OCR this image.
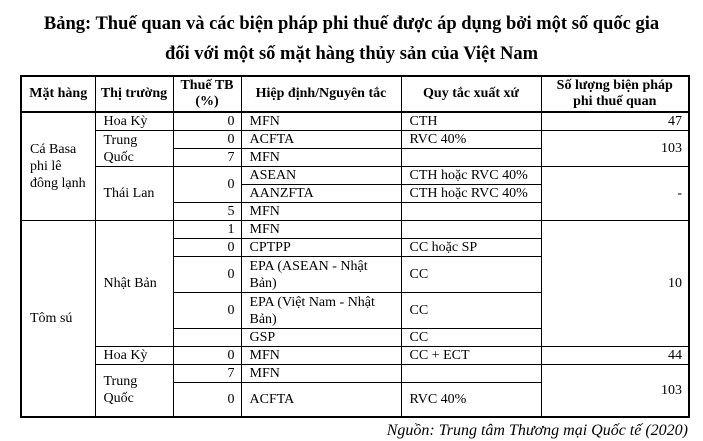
Bảng: Thuế quan và các biện pháp phi thuế được áp dụng bởi một số quốc gia
đối với một số mặt hàng thủy sản của Việt Nam
Mặt hàng	Thị trường	Thuế TB (%)	Hiệp định/Nguyên tắc	Quy tắc xuất xứ	Số lượng biện pháp phi thuế quan
Cá Basa phi lê đông lạnh	Hoa Kỳ	0	MFN	CTH	47
	Trung Quốc	0	ACFTA	RVC 40%	103
		7	MFN		
	Thái Lan	0	ASEAN	CTH hoặc RVC 40%	-
			AANZFTA	CTH hoặc RVC 40%	
		5	MFN		
Tôm sú	Nhật Bản	1	MFN		10
		0	CPTPP	CC hoặc SP	
		0	EPA (ASEAN - Nhật Bản)	CC	
		0	EPA (Việt Nam - Nhật Bản)	CC	
			GSP	CC	
	Hoa Kỳ	0	MFN	CC + ECT	44
	Trung Quốc	7	MFN		103
		0	ACFTA	RVC 40%	
Nguồn: Trung tâm Thương mại Quốc tế (2020)
